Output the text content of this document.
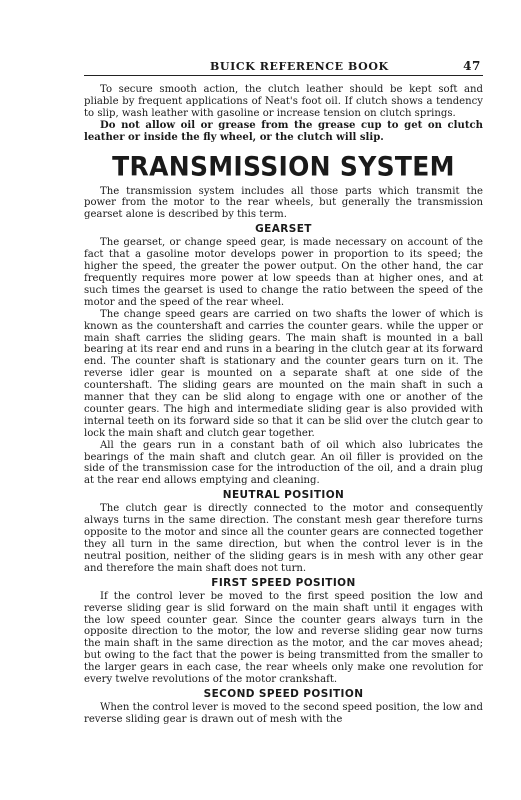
BUICK REFERENCE BOOK	47

To secure smooth action, the clutch leather should be kept soft and pliable by frequent applications of Neat's foot oil. If clutch shows a tendency to slip, wash leather with gasoline or increase tension on clutch springs.

Do not allow oil or grease from the grease cup to get on clutch leather or inside the fly wheel, or the clutch will slip.

TRANSMISSION SYSTEM

The transmission system includes all those parts which transmit the power from the motor to the rear wheels, but generally the transmission gearset alone is described by this term.

GEARSET

The gearset, or change speed gear, is made necessary on account of the fact that a gasoline motor develops power in proportion to its speed; the higher the speed, the greater the power output. On the other hand, the car frequently requires more power at low speeds than at higher ones, and at such times the gearset is used to change the ratio between the speed of the motor and the speed of the rear wheel.

The change speed gears are carried on two shafts the lower of which is known as the countershaft and carries the counter gears. while the upper or main shaft carries the sliding gears. The main shaft is mounted in a ball bearing at its rear end and runs in a bearing in the clutch gear at its forward end. The counter shaft is stationary and the counter gears turn on it. The reverse idler gear is mounted on a separate shaft at one side of the countershaft. The sliding gears are mounted on the main shaft in such a manner that they can be slid along to engage with one or another of the counter gears. The high and intermediate sliding gear is also provided with internal teeth on its forward side so that it can be slid over the clutch gear to lock the main shaft and clutch gear together.

All the gears run in a constant bath of oil which also lubricates the bearings of the main shaft and clutch gear. An oil filler is provided on the side of the transmission case for the introduction of the oil, and a drain plug at the rear end allows emptying and cleaning.

NEUTRAL POSITION

The clutch gear is directly connected to the motor and consequently always turns in the same direction. The constant mesh gear therefore turns opposite to the motor and since all the counter gears are connected together they all turn in the same direction, but when the control lever is in the neutral position, neither of the sliding gears is in mesh with any other gear and therefore the main shaft does not turn.

FIRST SPEED POSITION

If the control lever be moved to the first speed position the low and reverse sliding gear is slid forward on the main shaft until it engages with the low speed counter gear. Since the counter gears always turn in the opposite direction to the motor, the low and reverse sliding gear now turns the main shaft in the same direction as the motor, and the car moves ahead; but owing to the fact that the power is being transmitted from the smaller to the larger gears in each case, the rear wheels only make one revolution for every twelve revolutions of the motor crankshaft.

SECOND SPEED POSITION

When the control lever is moved to the second speed position, the low and reverse sliding gear is drawn out of mesh with the
